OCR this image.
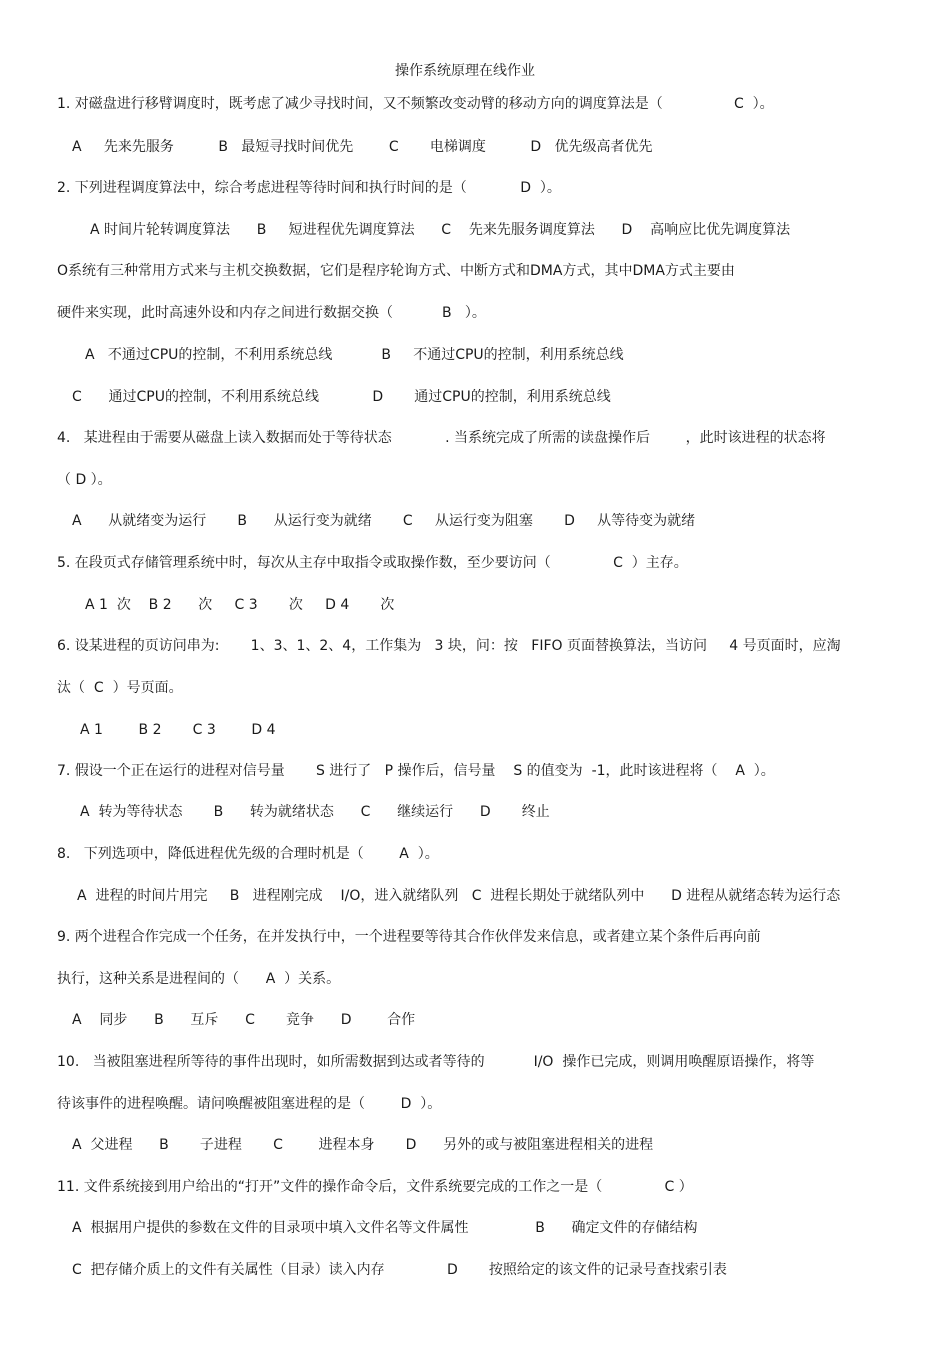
操作系统原理在线作业
1. 对磁盘进行移臂调度时，既考虑了减少寻找时间，又不频繁改变动臂的移动方向的调度算法是（                C  ）。
A     先来先服务          B   最短寻找时间优先        C       电梯调度          D   优先级高者优先
2. 下列进程调度算法中，综合考虑进程等待时间和执行时间的是（            D  ）。
A 时间片轮转调度算法      B     短进程优先调度算法      C    先来先服务调度算法      D    高响应比优先调度算法
O系统有三种常用方式来与主机交换数据，它们是程序轮询方式、中断方式和DMA方式，其中DMA方式主要由
硬件来实现，此时高速外设和内存之间进行数据交换（           B   ）。
A   不通过CPU的控制，不利用系统总线           B     不通过CPU的控制，利用系统总线
C      通过CPU的控制，不利用系统总线            D       通过CPU的控制，利用系统总线
4.   某进程由于需要从磁盘上读入数据而处于等待状态            . 当系统完成了所需的读盘操作后        ，此时该进程的状态将
（ D ）。
A      从就绪变为运行       B      从运行变为就绪       C     从运行变为阻塞       D     从等待变为就绪
5. 在段页式存储管理系统中时，每次从主存中取指令或取操作数，至少要访问（              C  ）主存。
A 1  次    B 2      次     C 3       次     D 4       次
6. 设某进程的页访问串为:       1、3、1、2、4，工作集为   3 块，问：按   FIFO 页面替换算法，当访问     4 号页面时，应淘
汰（  C  ）号页面。
A 1        B 2       C 3        D 4
7. 假设一个正在运行的进程对信号量       S 进行了   P 操作后，信号量    S 的值变为  -1，此时该进程将（    A  ）。
A  转为等待状态       B      转为就绪状态      C      继续运行      D       终止
8.   下列选项中，降低进程优先级的合理时机是（        A  ）。
A  进程的时间片用完     B   进程刚完成    I/O，进入就绪队列   C  进程长期处于就绪队列中      D 进程从就绪态转为运行态
9. 两个进程合作完成一个任务，在并发执行中，一个进程要等待其合作伙伴发来信息，或者建立某个条件后再向前
执行，这种关系是进程间的（      A  ）关系。
A    同步      B      互斥      C       竞争      D        合作
10.   当被阻塞进程所等待的事件出现时，如所需数据到达或者等待的           I/O  操作已完成，则调用唤醒原语操作，将等
待该事件的进程唤醒。请问唤醒被阻塞进程的是（        D  ）。
A  父进程      B       子进程       C        进程本身       D      另外的或与被阻塞进程相关的进程
11. 文件系统接到用户给出的“打开”文件的操作命令后，文件系统要完成的工作之一是（              C ）
A  根据用户提供的参数在文件的目录项中填入文件名等文件属性               B      确定文件的存储结构
C  把存储介质上的文件有关属性（目录）读入内存              D       按照给定的该文件的记录号查找索引表
